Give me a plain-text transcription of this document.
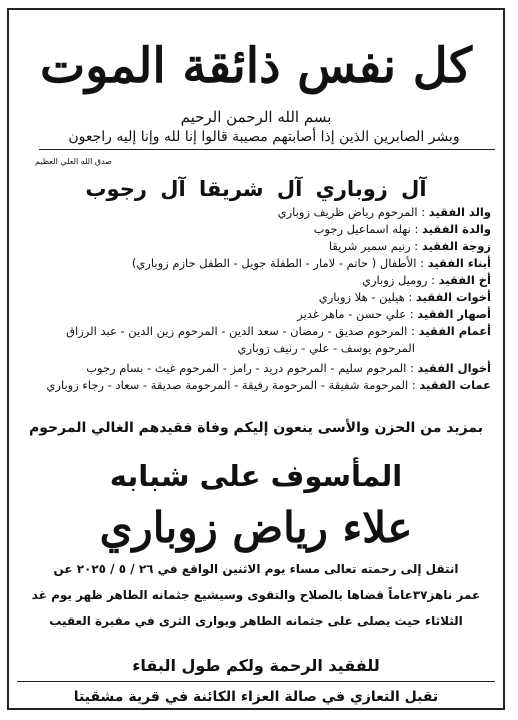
كل نفس ذائقة الموت
بسم الله الرحمن الرحيم
وبشر الصابرين الذين إذا أصابتهم مصيبة قالوا إنا لله وإنا إليه راجعون
صدق الله العلي العظيم
آل زوباري آل شريقا آل رجوب
والد الفقيد : المرحوم رياض ظريف زوباري
والدة الفقيد : نهله اسماعيل رجوب
زوجة الفقيد : رنيم سمير شريقا
أبناء الفقيد : الأطفال ( حاتم - لامار - الطفلة جويل - الطفل حازم زوباري)
أخ الفقيد : روميل زوباري
أخوات الفقيد : هيلين - هلا زوباري
أصهار الفقيد : علي حسن - ماهر غدير
أعمام الفقيد : المرحوم صديق - رمضان - سعد الدين - المرحوم زين الدين - عبد الرزاق
المرحوم يوسف - علي - رنيف زوباري
أخوال الفقيد : المرحوم سليم - المرحوم دريد - رامز - المرحوم غيث - بسام رجوب
عمات الفقيد : المرحومة شفيقة - المرحومة رفيقة - المرحومة صديقة - سعاد - رجاء زوباري
بمزيد من الحزن والأسى ينعون إليكم وفاة فقيدهم الغالي المرحوم
المأسوف على شبابه
علاء رياض زوباري
انتقل إلى رحمته تعالى مساء يوم الاثنين الواقع في ٢٦ / ٥ / ٢٠٢٥ عن
عمر ناهز٣٧عاماً قضاها بالصلاح والتقوى وسيشيع جثمانه الطاهر ظهر يوم غد
الثلاثاء حيث يصلى على جثمانه الطاهر ويوارى الثرى في مقبرة العقيب
للفقيد الرحمة ولكم طول البقاء
تقبل التعازي في صالة العزاء الكائنة في قرية مشقيتا
